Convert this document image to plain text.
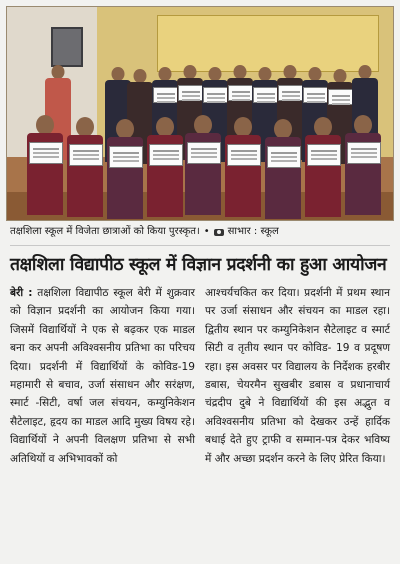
तक्षशिला स्कूल में विजेता छात्राओं को किया पुरस्कृत। • साभार : स्कूल
तक्षशिला विद्यापीठ स्कूल में विज्ञान प्रदर्शनी का हुआ आयोजन

बेरी : तक्षशिला विद्यापीठ स्कूल बेरी में शुक्रवार को विज्ञान प्रदर्शनी का आयोजन किया गया। जिसमें विद्यार्थियों ने एक से बढ़कर एक माडल बना कर अपनी अविश्वसनीय प्रतिभा का परिचय दिया। प्रदर्शनी में विद्यार्थियों के कोविड-19 महामारी से बचाव, उर्जा संसाधन और सरंक्षण, स्मार्ट -सिटी, वर्षा जल संचयन, कम्युनिकेशन सैटेलाइट, हृदय का माडल आदि मुख्य विषय रहे। विद्यार्थियों ने अपनी विलक्षण प्रतिभा से सभी अतिथियों व अभिभावकों को

आश्चर्यचकित कर दिया। प्रदर्शनी में प्रथम स्थान पर उर्जा संसाधन और संचयन का माडल रहा। द्वितीय स्थान पर कम्युनिकेशन सैटेलाइट व स्मार्ट सिटी व तृतीय स्थान पर कोविड- 19 व प्रदूषण रहा। इस अवसर पर विद्यालय के निर्देशक हरबीर डबास, चेयरमैन सुखबीर डबास व प्रधानाचार्य चंद्रदीप दुबे ने विद्यार्थियों की इस अद्भुत व अविश्वसनीय प्रतिभा को देखकर उन्हें हार्दिक बधाई देते हुए ट्राफी व सम्मान-पत्र देकर भविष्य में और अच्छा प्रदर्शन करने के लिए प्रेरित किया।
